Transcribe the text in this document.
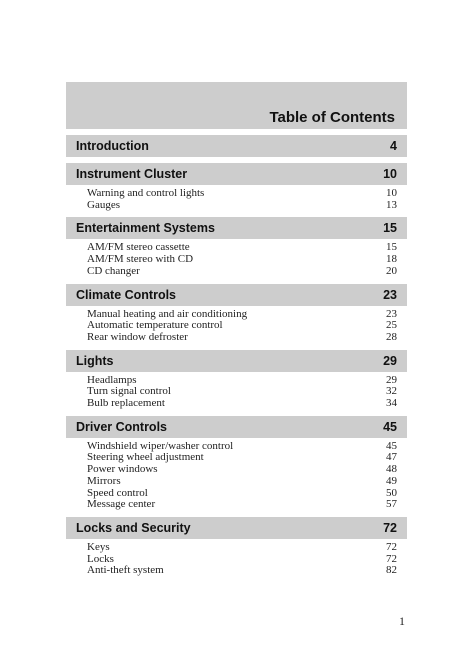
Table of Contents
Introduction	4
Instrument Cluster	10
Warning and control lights	10
Gauges	13
Entertainment Systems	15
AM/FM stereo cassette	15
AM/FM stereo with CD	18
CD changer	20
Climate Controls	23
Manual heating and air conditioning	23
Automatic temperature control	25
Rear window defroster	28
Lights	29
Headlamps	29
Turn signal control	32
Bulb replacement	34
Driver Controls	45
Windshield wiper/washer control	45
Steering wheel adjustment	47
Power windows	48
Mirrors	49
Speed control	50
Message center	57
Locks and Security	72
Keys	72
Locks	72
Anti-theft system	82
1
